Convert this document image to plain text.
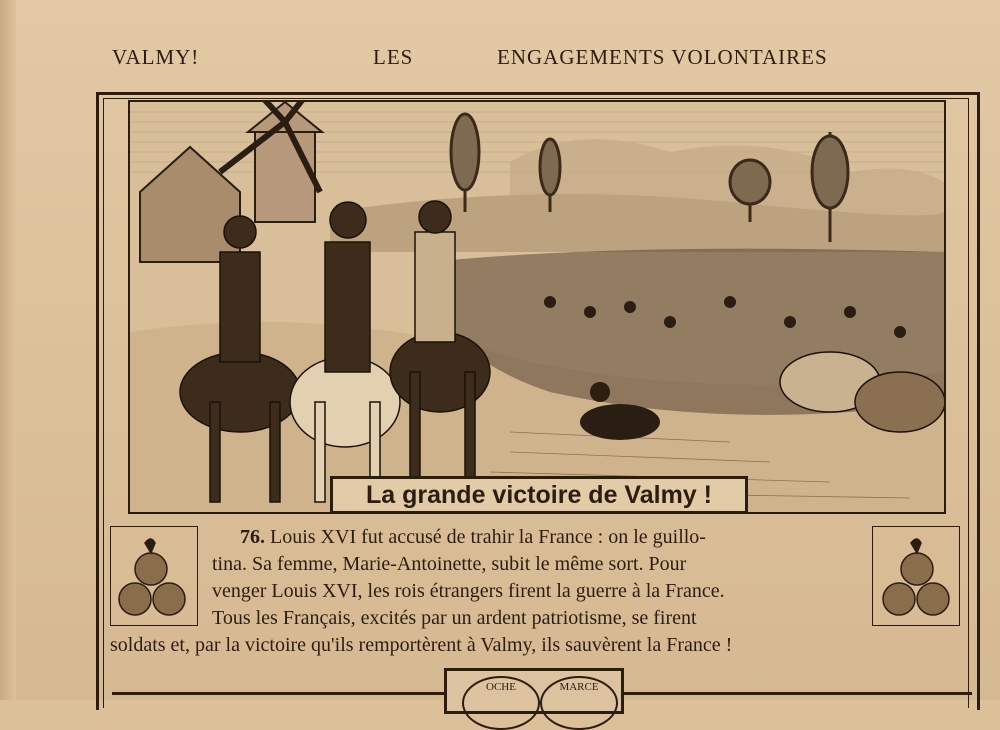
VALMY!	LES	ENGAGEMENTS VOLONTAIRES
La grande victoire de Valmy !

76. Louis XVI fut accusé de trahir la France : on le guillo-

tina. Sa femme, Marie-Antoinette, subit le même sort. Pour

venger Louis XVI, les rois étrangers firent la guerre à la France.

Tous les Français, excités par un ardent patriotisme, se firent

soldats et, par la victoire qu'ils remportèrent à Valmy, ils sauvèrent la France !

OCHE	MARCE
